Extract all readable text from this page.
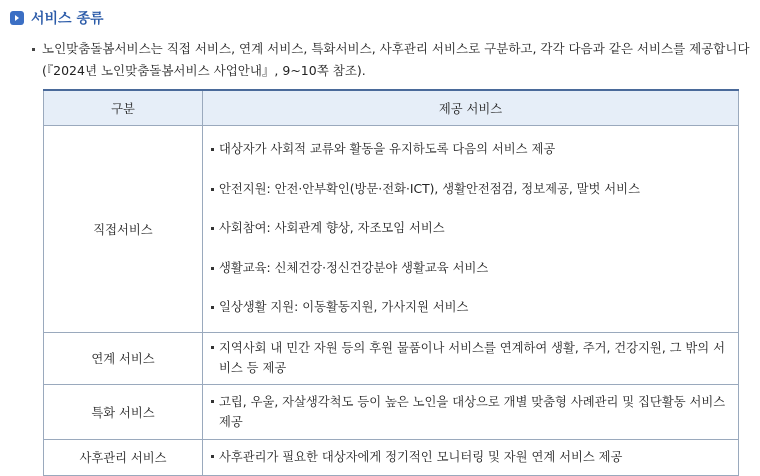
서비스 종류
노인맞춤돌봄서비스는 직접 서비스, 연계 서비스, 특화서비스, 사후관리 서비스로 구분하고, 각각 다음과 같은 서비스를 제공합니다(『2024년 노인맞춤돌봄서비스 사업안내』, 9~10쪽 참조).
구분	제공 서비스
직접서비스	대상자가 사회적 교류와 활동을 유지하도록 다음의 서비스 제공
안전지원: 안전·안부확인(방문·전화·ICT), 생활안전점검, 정보제공, 말벗 서비스
사회참여: 사회관계 향상, 자조모임 서비스
생활교육: 신체건강·정신건강분야 생활교육 서비스
일상생활 지원: 이동활동지원, 가사지원 서비스

연계 서비스	지역사회 내 민간 자원 등의 후원 물품이나 서비스를 연계하여 생활, 주거, 건강지원, 그 밖의 서비스 등 제공

특화 서비스	고립, 우울, 자살생각척도 등이 높은 노인을 대상으로 개별 맞춤형 사례관리 및 집단활동 서비스 제공

사후관리 서비스	사후관리가 필요한 대상자에게 정기적인 모니터링 및 자원 연계 서비스 제공
